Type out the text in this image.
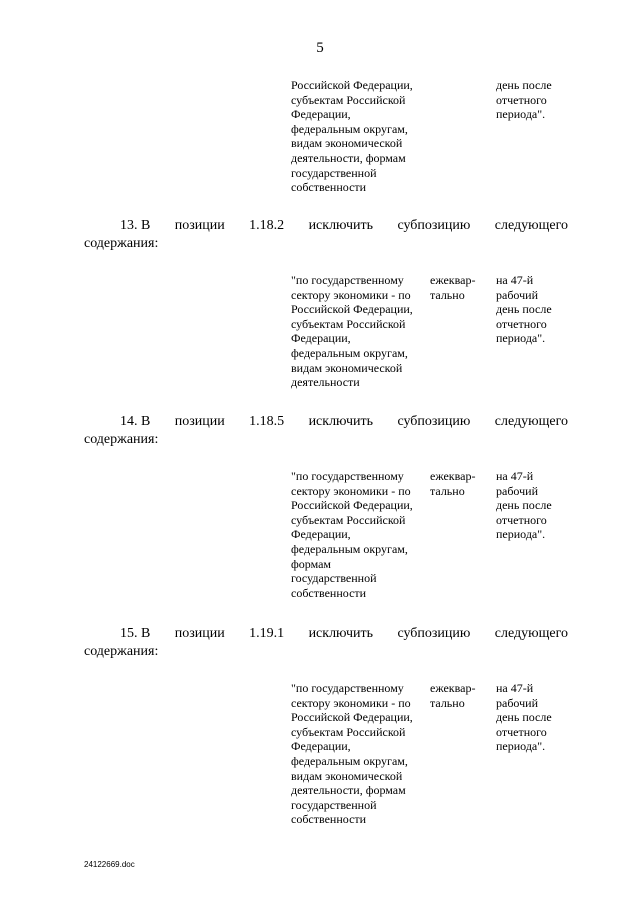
5
Российской Федерации,
субъектам Российской
Федерации,
федеральным округам,
видам экономической
деятельности, формам
государственной
собственности
день после
отчетного
периода".
13. В позиции 1.18.2 исключить субпозицию следующего
содержания:
"по государственному
сектору экономики - по
Российской Федерации,
субъектам Российской
Федерации,
федеральным округам,
видам экономической
деятельности
ежеквар-
тально
на 47-й
рабочий
день после
отчетного
периода".
14. В позиции 1.18.5 исключить субпозицию следующего
содержания:
"по государственному
сектору экономики - по
Российской Федерации,
субъектам Российской
Федерации,
федеральным округам,
формам
государственной
собственности
ежеквар-
тально
на 47-й
рабочий
день после
отчетного
периода".
15. В позиции 1.19.1 исключить субпозицию следующего
содержания:
"по государственному
сектору экономики - по
Российской Федерации,
субъектам Российской
Федерации,
федеральным округам,
видам экономической
деятельности, формам
государственной
собственности
ежеквар-
тально
на 47-й
рабочий
день после
отчетного
периода".
24122669.doc
